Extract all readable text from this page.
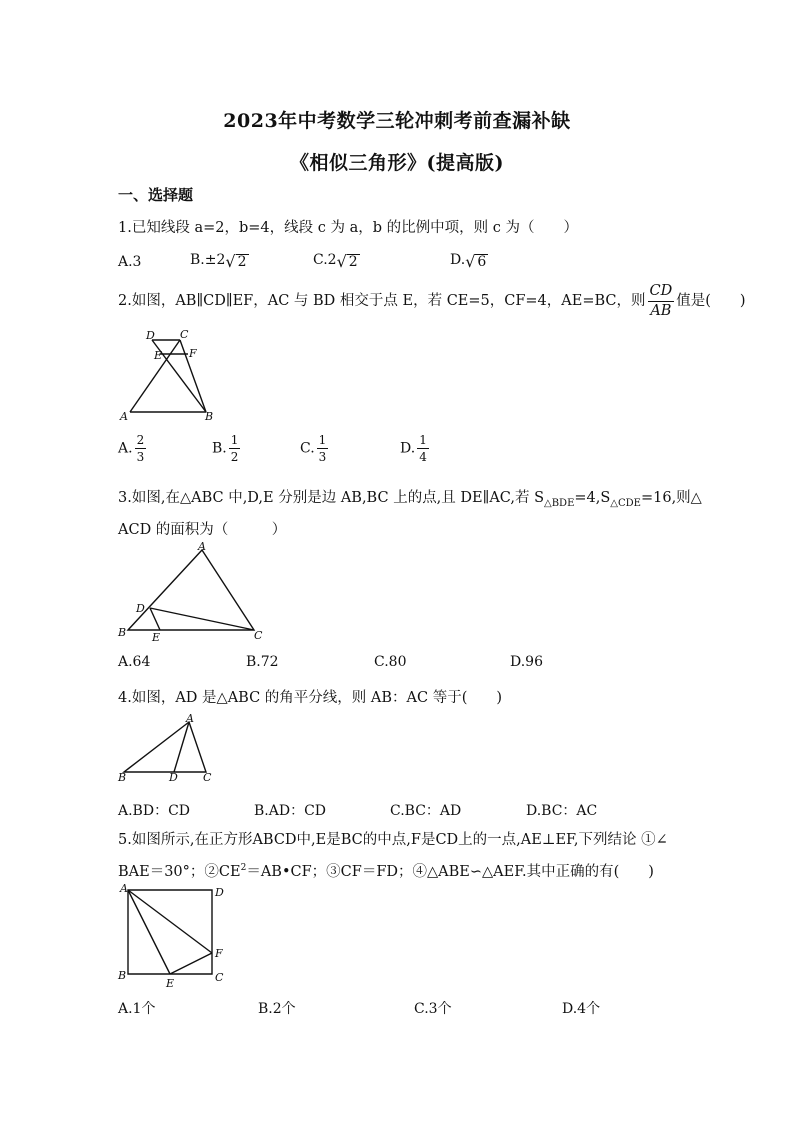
2023年中考数学三轮冲刺考前查漏补缺
《相似三角形》(提高版)
一、选择题
1.已知线段 a=2，b=4，线段 c 为 a，b 的比例中项，则 c 为（　　）
A.3	B.±2 √ 2	C.2 √ 2	D. √ 6
2.如图，AB∥CD∥EF，AC 与 BD 相交于点 E，若 CE=5，CF=4，AE=BC，则 $\frac{CD}{AB}$ 值是(　　)
D C
E F
A	B
A. $\frac{2}{3}$	B. $\frac{1}{2}$	C. $\frac{1}{3}$	D. $\frac{1}{4}$
3.如图,在△ABC 中,D,E 分别是边 AB,BC 上的点,且 DE∥AC,若 $S_{\triangle BDE}=4,S_{\triangle CDE}=16$,则△
ACD 的面积为（　　　）
A
D
B E	C
A.64	B.72	C.80	D.96
4.如图，AD 是△ABC 的角平分线，则 AB：AC 等于(　　)
A
B	D C
A.BD：CD	B.AD：CD	C.BC：AD	D.BC：AC
5.如图所示,在正方形ABCD中,E是BC的中点,F是CD上的一点,AE⊥EF,下列结论 ①∠
BAE＝30°；$②CE^2=AB•CF$；③CF＝FD；④△ABE∽△AEF.其中正确的有(　　)
A	D
F
B
E	C
A.1个	B.2个	C.3个	D.4个
